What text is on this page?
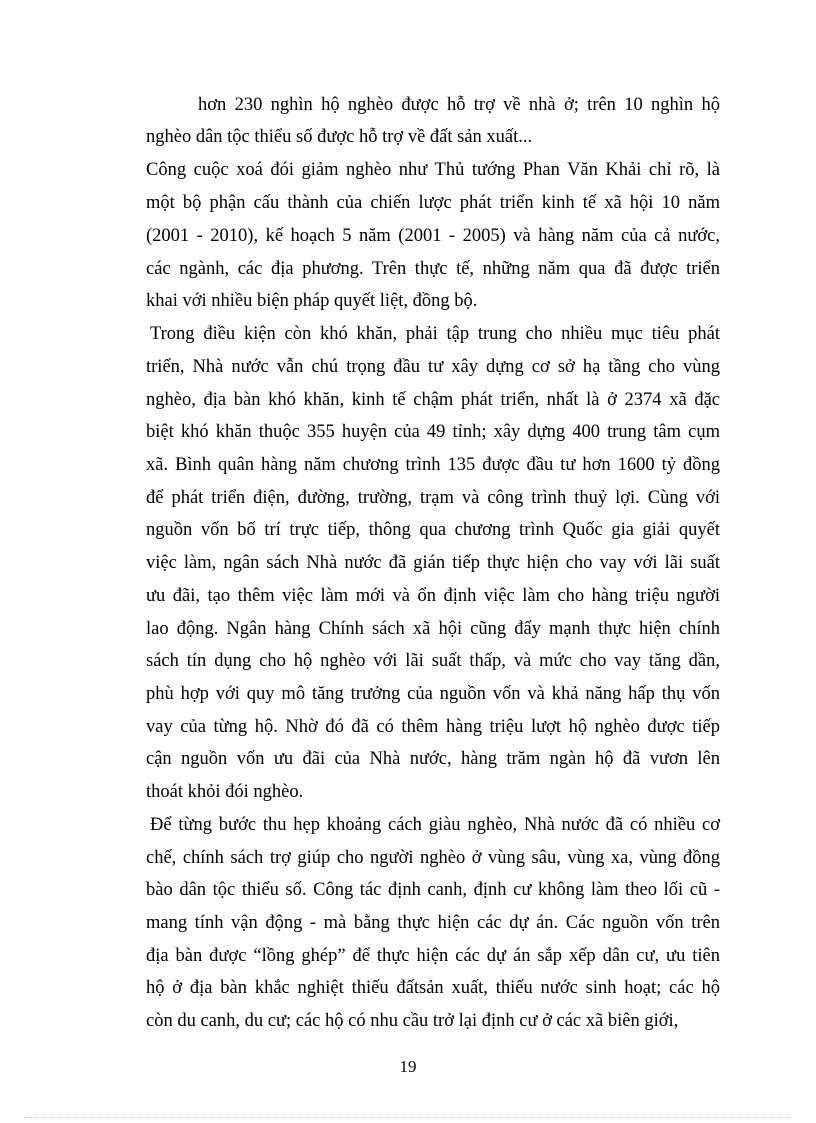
hơn 230 nghìn hộ nghèo được hỗ trợ về nhà ở; trên 10 nghìn hộ
nghèo dân tộc thiểu số được hỗ trợ về đất sản xuất...
Công cuộc xoá đói giảm nghèo như Thủ tướng Phan Văn Khải chỉ rõ, là
một bộ phận cấu thành của chiến lược phát triển kinh tế xã hội 10 năm
(2001 - 2010), kế hoạch 5 năm (2001 - 2005) và hàng năm của cả nước,
các ngành, các địa phương. Trên thực tế, những năm qua đã được triển
khai với nhiều biện pháp quyết liệt, đồng bộ.
Trong điều kiện còn khó khăn, phải tập trung cho nhiều mục tiêu phát
triển, Nhà nước vẫn chú trọng đầu tư xây dựng cơ sở hạ tầng cho vùng
nghèo, địa bàn khó khăn, kinh tế chậm phát triển, nhất là ở 2374 xã đặc
biệt khó khăn thuộc 355 huyện của 49 tỉnh; xây dựng 400 trung tâm cụm
xã. Bình quân hàng năm chương trình 135 được đầu tư hơn 1600 tỷ đồng
để phát triển điện, đường, trường, trạm và công trình thuỷ lợi. Cùng với
nguồn vốn bố trí trực tiếp, thông qua chương trình Quốc gia giải quyết
việc làm, ngân sách Nhà nước đã gián tiếp thực hiện cho vay với lãi suất
ưu đãi, tạo thêm việc làm mới và ổn định việc làm cho hàng triệu người
lao động. Ngân hàng Chính sách xã hội cũng đẩy mạnh thực hiện chính
sách tín dụng cho hộ nghèo với lãi suất thấp, và mức cho vay tăng dần,
phù hợp với quy mô tăng trưởng của nguồn vốn và khả năng hấp thụ vốn
vay của từng hộ. Nhờ đó đã có thêm hàng triệu lượt hộ nghèo được tiếp
cận nguồn vốn ưu đãi của Nhà nước, hàng trăm ngàn hộ đã vươn lên
thoát khỏi đói nghèo.
Để từng bước thu hẹp khoảng cách giàu nghèo, Nhà nước đã có nhiều cơ
chế, chính sách trợ giúp cho người nghèo ở vùng sâu, vùng xa, vùng đồng
bào dân tộc thiểu số. Công tác định canh, định cư không làm theo lối cũ -
mang tính vận động - mà bằng thực hiện các dự án. Các nguồn vốn trên
địa bàn được “lồng ghép” để thực hiện các dự án sắp xếp dân cư, ưu tiên
hộ ở địa bàn khắc nghiệt thiếu đấtsản xuất, thiếu nước sinh hoạt; các hộ
còn du canh, du cư; các hộ có nhu cầu trở lại định cư ở các xã biên giới,
19
